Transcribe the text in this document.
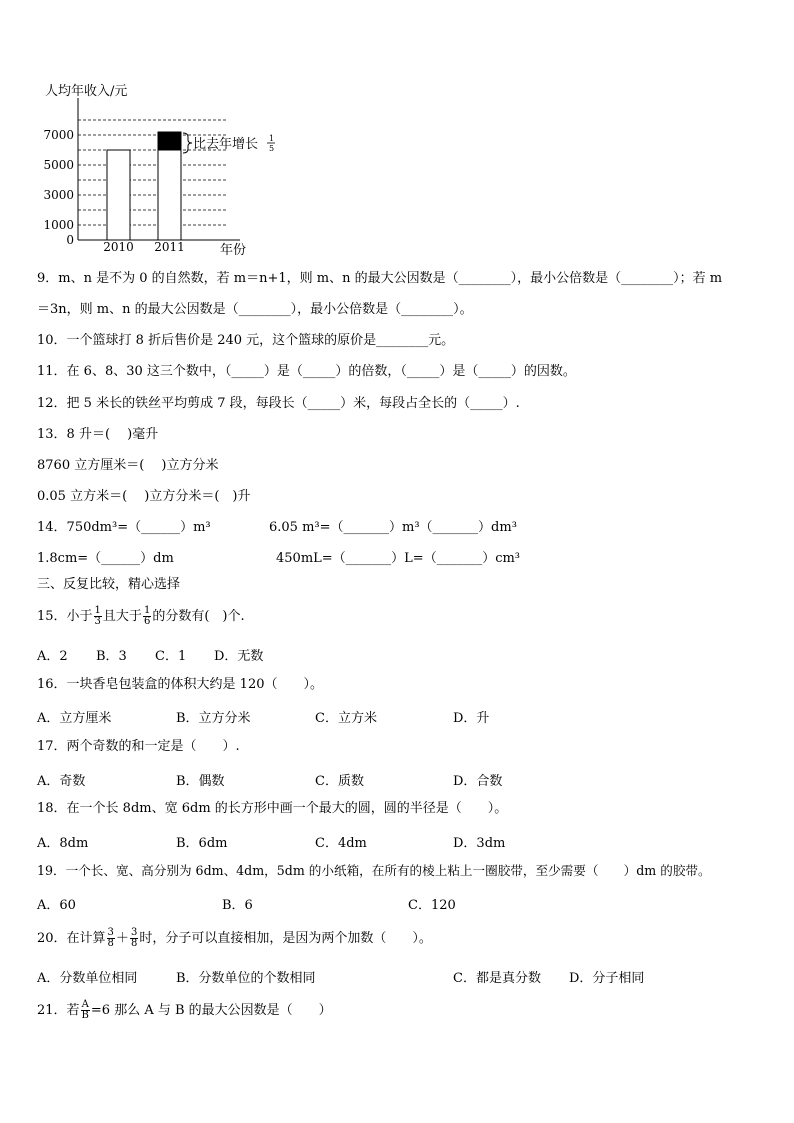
人均年收入/元
年份
0
1000
3000
5000
7000
2010 2011
比去年增长 1
5
9．m、n 是不为 0 的自然数，若 m＝n+1，则 m、n 的最大公因数是（________），最小公倍数是（________）；若 m
＝3n，则 m、n 的最大公因数是（________），最小公倍数是（________）。
10．一个篮球打 8 折后售价是 240 元，这个篮球的原价是________元。
11．在 6、8、30 这三个数中，（_____）是（_____）的倍数，（_____）是（_____）的因数。
12．把 5 米长的铁丝平均剪成 7 段，每段长（_____）米，每段占全长的（_____）.
13．8 升＝(　 )毫升
8760 立方厘米＝(　 )立方分米
0.05 立方米＝(　 )立方分米＝(　)升
14．750dm³=（______）m³	6.05 m³=（_______）m³（_______）dm³
1.8cm=（______）dm	450mL=（_______）L=（_______）cm³
三、反复比较，精心选择
15．小于 $\frac{1}{3}$ 且大于 $\frac{1}{6}$ 的分数有(　)个.
A．2 B．3 C．1 D．无数
16．一块香皂包装盒的体积大约是 120（　　）。
A．立方厘米	B．立方分米	C．立方米	D．升
17．两个奇数的和一定是（　　）.
A．奇数	B．偶数	C．质数	D．合数
18．在一个长 8dm、宽 6dm 的长方形中画一个最大的圆，圆的半径是（　　）。
A．8dm	B．6dm	C．4dm	D．3dm
19．一个长、宽、高分别为 6dm、4dm，5dm 的小纸箱，在所有的棱上粘上一圈胶带，至少需要（　　）dm 的胶带。
A．60	B．6	C．120
20．在计算 $\frac{3}{8} + \frac{3}{8}$ 时，分子可以直接相加，是因为两个加数（　　）。
A．分数单位相同	B．分数单位的个数相同	C．都是真分数 D．分子相同
21．若 $\frac{A}{B} =6$ 那么 A 与 B 的最大公因数是（　　）
